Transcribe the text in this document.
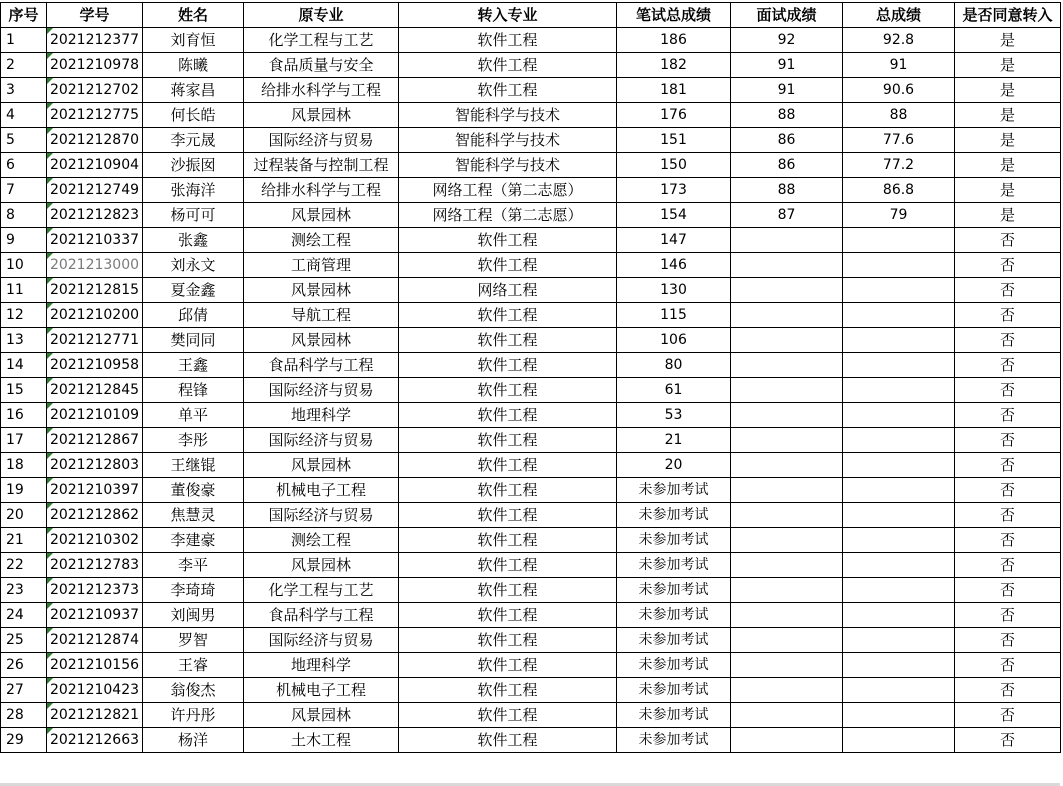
序号	学号	姓名	原专业	转入专业	笔试总成绩	面试成绩	总成绩	是否同意转入
1	2021212377	刘育恒	化学工程与工艺	软件工程	186	92	92.8	是
2	2021210978	陈曦	食品质量与安全	软件工程	182	91	91	是
3	2021212702	蒋家昌	给排水科学与工程	软件工程	181	91	90.6	是
4	2021212775	何长皓	风景园林	智能科学与技术	176	88	88	是
5	2021212870	李元晟	国际经济与贸易	智能科学与技术	151	86	77.6	是
6	2021210904	沙振囡	过程装备与控制工程	智能科学与技术	150	86	77.2	是
7	2021212749	张海洋	给排水科学与工程	网络工程（第二志愿）	173	88	86.8	是
8	2021212823	杨可可	风景园林	网络工程（第二志愿）	154	87	79	是
9	2021210337	张鑫	测绘工程	软件工程	147			否
10	2021213000	刘永文	工商管理	软件工程	146			否
11	2021212815	夏金鑫	风景园林	网络工程	130			否
12	2021210200	邱倩	导航工程	软件工程	115			否
13	2021212771	樊同同	风景园林	软件工程	106			否
14	2021210958	王鑫	食品科学与工程	软件工程	80			否
15	2021212845	程锋	国际经济与贸易	软件工程	61			否
16	2021210109	单平	地理科学	软件工程	53			否
17	2021212867	李彤	国际经济与贸易	软件工程	21			否
18	2021212803	王继锟	风景园林	软件工程	20			否
19	2021210397	董俊豪	机械电子工程	软件工程	未参加考试			否
20	2021212862	焦慧灵	国际经济与贸易	软件工程	未参加考试			否
21	2021210302	李建豪	测绘工程	软件工程	未参加考试			否
22	2021212783	李平	风景园林	软件工程	未参加考试			否
23	2021212373	李琦琦	化学工程与工艺	软件工程	未参加考试			否
24	2021210937	刘闽男	食品科学与工程	软件工程	未参加考试			否
25	2021212874	罗智	国际经济与贸易	软件工程	未参加考试			否
26	2021210156	王睿	地理科学	软件工程	未参加考试			否
27	2021210423	翁俊杰	机械电子工程	软件工程	未参加考试			否
28	2021212821	许丹彤	风景园林	软件工程	未参加考试			否
29	2021212663	杨洋	土木工程	软件工程	未参加考试			否
